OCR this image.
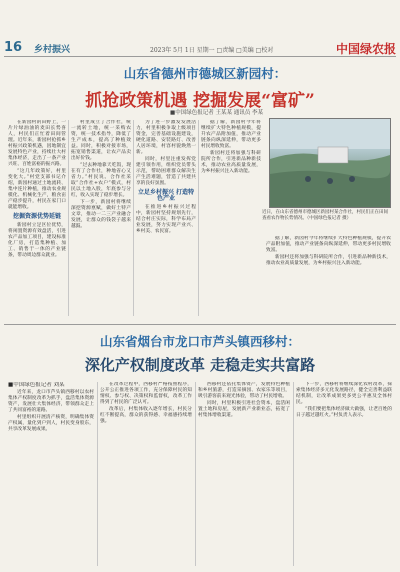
16 乡村振兴	2023年 5月 1日 星期一 □责编 □美编 □校对	中国绿农报
山东省德州市德城区新园村：
抓抢政策机遇 挖掘发展“富矿”
■中国绿色报记者 王某某 通讯员 李某

在新园村的田野上，一片片绿油油的麦田长势喜人，村民们正忙着田间管理。近年来，新园村抢抓乡村振兴政策机遇，因地制宜发展特色产业，持续壮大村集体经济，走出了一条产业兴旺、百姓富裕的振兴路。

“这几年政策好，村里变化大。”村党支部书记介绍，新园村通过土地流转、集中连片种植，推动农业规模化、机械化生产，粮食亩产稳步提升，村民在家门口就能增收。

挖掘资源优势延链

新园村立足区位优势，将闲置资源有效盘活，引进农产品加工项目，建设标准化厂房，打造集种植、加工、销售于一体的产业链条，带动周边群众就业。

村里成立了合作社，统一流转土地，统一采购农资，统一技术指导，降低了生产成本，提高了种植效益。同时，积极对接市场，拓宽销售渠道，让农产品卖出好价钱。

“过去种地靠天吃饭，现在有了合作社，种地省心又省力。”村民说。合作社采取“合作社+农户”模式，村民以土地入股，年底参与分红，收入实现了稳步增长。

下一步，新园村将继续深挖资源禀赋，做好土特产文章，推动一二三产业融合发展，让群众的钱袋子越来越鼓。

为了进一步激发发展活力，村里积极争取上级项目资金，完善基础设施建设，硬化道路、安装路灯、改善人居环境，村容村貌焕然一新。

同时，村里注重发挥党建引领作用，组织党员带头示范，帮助困难群众解决生产生活难题，营造了共建共享的良好氛围。

立足乡村振兴 打造特色产业

在推进乡村振兴过程中，新园村坚持规划先行，结合村庄实际，科学布局产业发展，努力实现产业兴、乡村美、农民富。

据了解，新园村今年将继续扩大特色种植规模，提升农产品附加值，推动产业链条向纵深延伸，带动更多村民增收致富。

新园村还将加强与科研院所合作，引进新品种新技术，推动农业高质量发展，为乡村振兴注入新动能。

近日，在山东省德州市德城区新园村某合作社，村民们正在田间查看农作物长势情况。（中国绿色报记者 摄）

据了解，新园村今年将继续扩大特色种植规模，提升农产品附加值，推动产业链条向纵深延伸，带动更多村民增收致富。

新园村还将加强与科研院所合作，引进新品种新技术，推动农业高质量发展，为乡村振兴注入新动能。

山东省烟台市龙口市芦头镇西移村：
深化产权制度改革 走稳走实共富路
■中国绿色报记者 刘某

近年来，龙口市芦头镇西移村以农村集体产权制度改革为抓手，盘活集体资源资产，发展壮大集体经济，带领群众走上了共同富裕的道路。

村里组织开展清产核资，明确集体资产权属，量化到户到人，村民变身股东，共享改革发展成果。

在改革过程中，西移村严格按照程序，公开公正推进各项工作，充分保障村民的知情权、参与权、决策权和监督权，改革工作得到了村民的广泛认可。

改革后，村集体收入逐年增长，村民分红不断提高，群众的获得感、幸福感持续增强。

西移村还依托集体资产，发展特色种植和乡村旅游，打造采摘园、农家乐等项目，吸引游客前来观光体验，带动了村民增收。

同时，村里积极引进社会资本，盘活闲置土地和房屋，发展新产业新业态，拓宽了村集体增收渠道。

下一步，西移村将继续深化农村改革，探索集体经济多元化发展路径，健全完善利益联结机制，让改革成果更多更公平惠及全体村民。

“我们要把集体经济做大做强，让老百姓的日子越过越红火。”村负责人表示。
